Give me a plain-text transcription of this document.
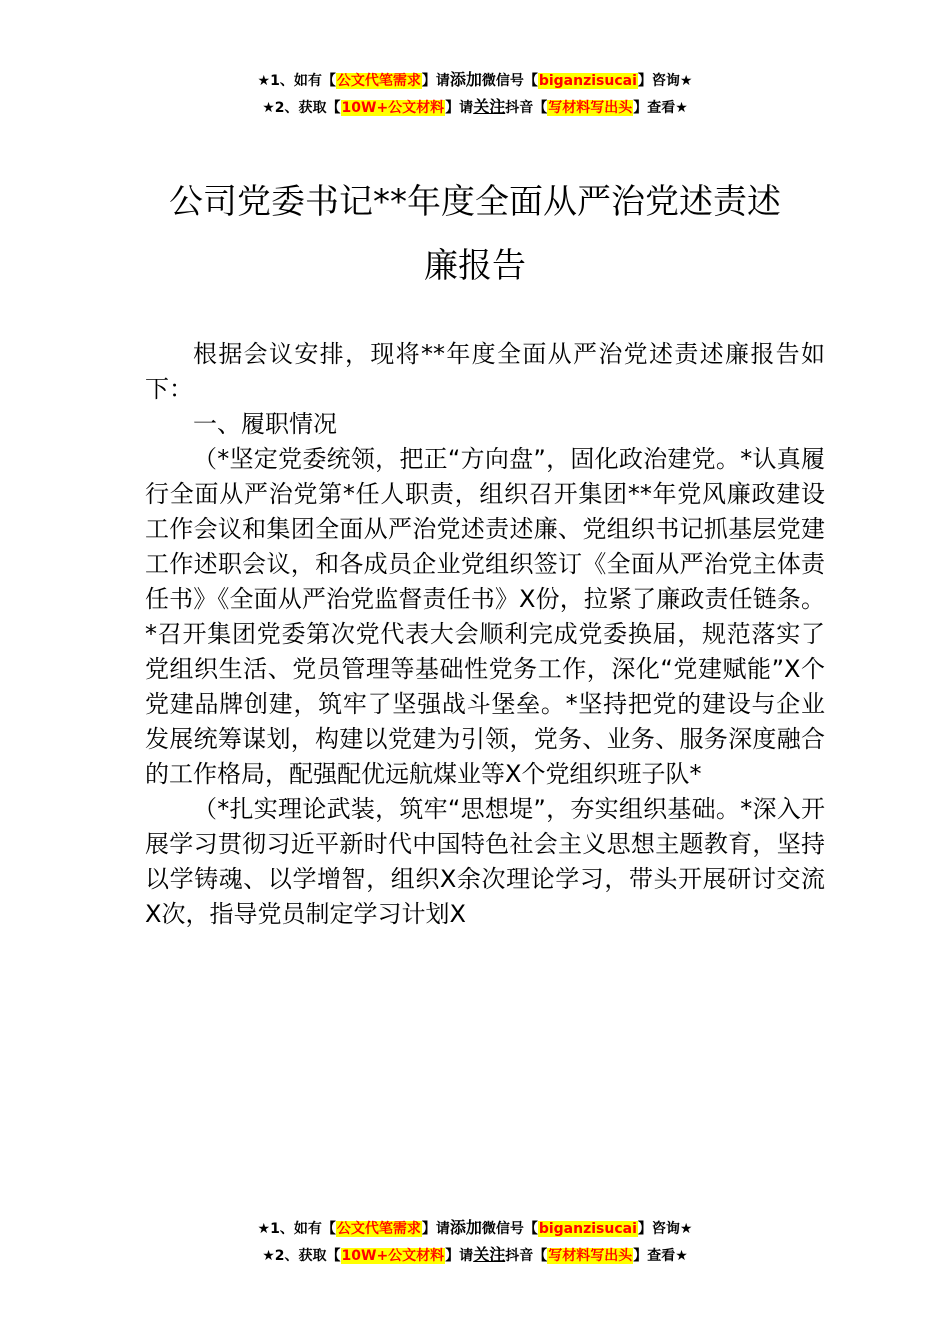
★1、如有【公文代笔需求】请添加微信号【biganzisucai】咨询★
★2、获取【10W+公文材料】请关注抖音【写材料写出头】查看★
公司党委书记**年度全面从严治党述责述
廉报告

根据会议安排，现将**年度全面从严治党述责述廉报告如下：

一、履职情况

（*坚定党委统领，把正“方向盘”，固化政治建党。*认真履行全面从严治党第*任人职责，组织召开集团**年党风廉政建设工作会议和集团全面从严治党述责述廉、党组织书记抓基层党建工作述职会议，和各成员企业党组织签订《全面从严治党主体责任书》《全面从严治党监督责任书》X份，拉紧了廉政责任链条。*召开集团党委第次党代表大会顺利完成党委换届，规范落实了党组织生活、党员管理等基础性党务工作，深化“党建赋能”X个党建品牌创建，筑牢了坚强战斗堡垒。*坚持把党的建设与企业发展统筹谋划，构建以党建为引领，党务、业务、服务深度融合的工作格局，配强配优远航煤业等X个党组织班子队*

（*扎实理论武装，筑牢“思想堤”，夯实组织基础。*深入开展学习贯彻习近平新时代中国特色社会主义思想主题教育，坚持以学铸魂、以学增智，组织X余次理论学习，带头开展研讨交流X次，指导党员制定学习计划X

★1、如有【公文代笔需求】请添加微信号【biganzisucai】咨询★
★2、获取【10W+公文材料】请关注抖音【写材料写出头】查看★
